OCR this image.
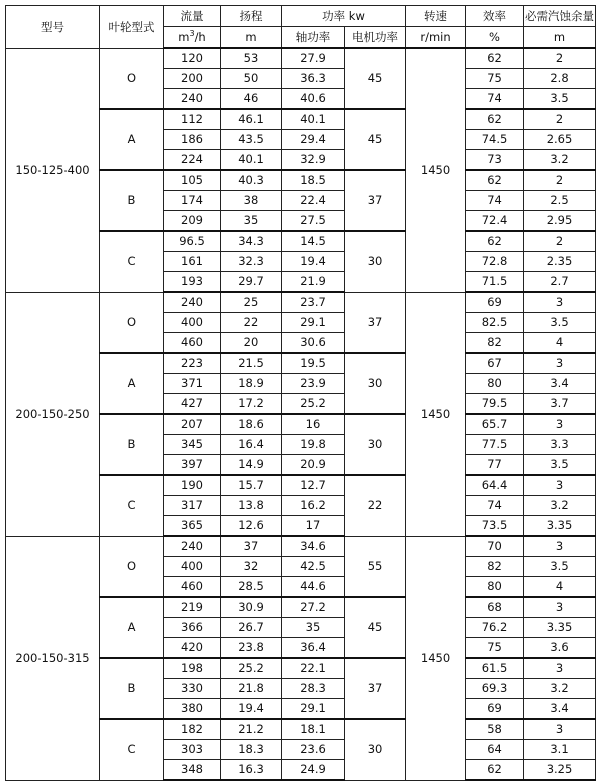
型号	叶轮型式	流量	扬程	功率 kw		转速	效率	必需汽蚀余量
		$m^3/h$	m	轴功率	电机功率	r/min	%	m
150-125-400	O	120	53	27.9	45	1450	62	2
		200	50	36.3			75	2.8
		240	46	40.6			74	3.5
	A	112	46.1	40.1	45		62	2
		186	43.5	29.4			74.5	2.65
		224	40.1	32.9			73	3.2
	B	105	40.3	18.5	37		62	2
		174	38	22.4			74	2.5
		209	35	27.5			72.4	2.95
	C	96.5	34.3	14.5	30		62	2
		161	32.3	19.4			72.8	2.35
		193	29.7	21.9			71.5	2.7
200-150-250	O	240	25	23.7	37	1450	69	3
		400	22	29.1			82.5	3.5
		460	20	30.6			82	4
	A	223	21.5	19.5	30		67	3
		371	18.9	23.9			80	3.4
		427	17.2	25.2			79.5	3.7
	B	207	18.6	16	30		65.7	3
		345	16.4	19.8			77.5	3.3
		397	14.9	20.9			77	3.5
	C	190	15.7	12.7	22		64.4	3
		317	13.8	16.2			74	3.2
		365	12.6	17			73.5	3.35
200-150-315	O	240	37	34.6	55	1450	70	3
		400	32	42.5			82	3.5
		460	28.5	44.6			80	4
	A	219	30.9	27.2	45		68	3
		366	26.7	35			76.2	3.35
		420	23.8	36.4			75	3.6
	B	198	25.2	22.1	37		61.5	3
		330	21.8	28.3			69.3	3.2
		380	19.4	29.1			69	3.4
	C	182	21.2	18.1	30		58	3
		303	18.3	23.6			64	3.1
		348	16.3	24.9			62	3.25
